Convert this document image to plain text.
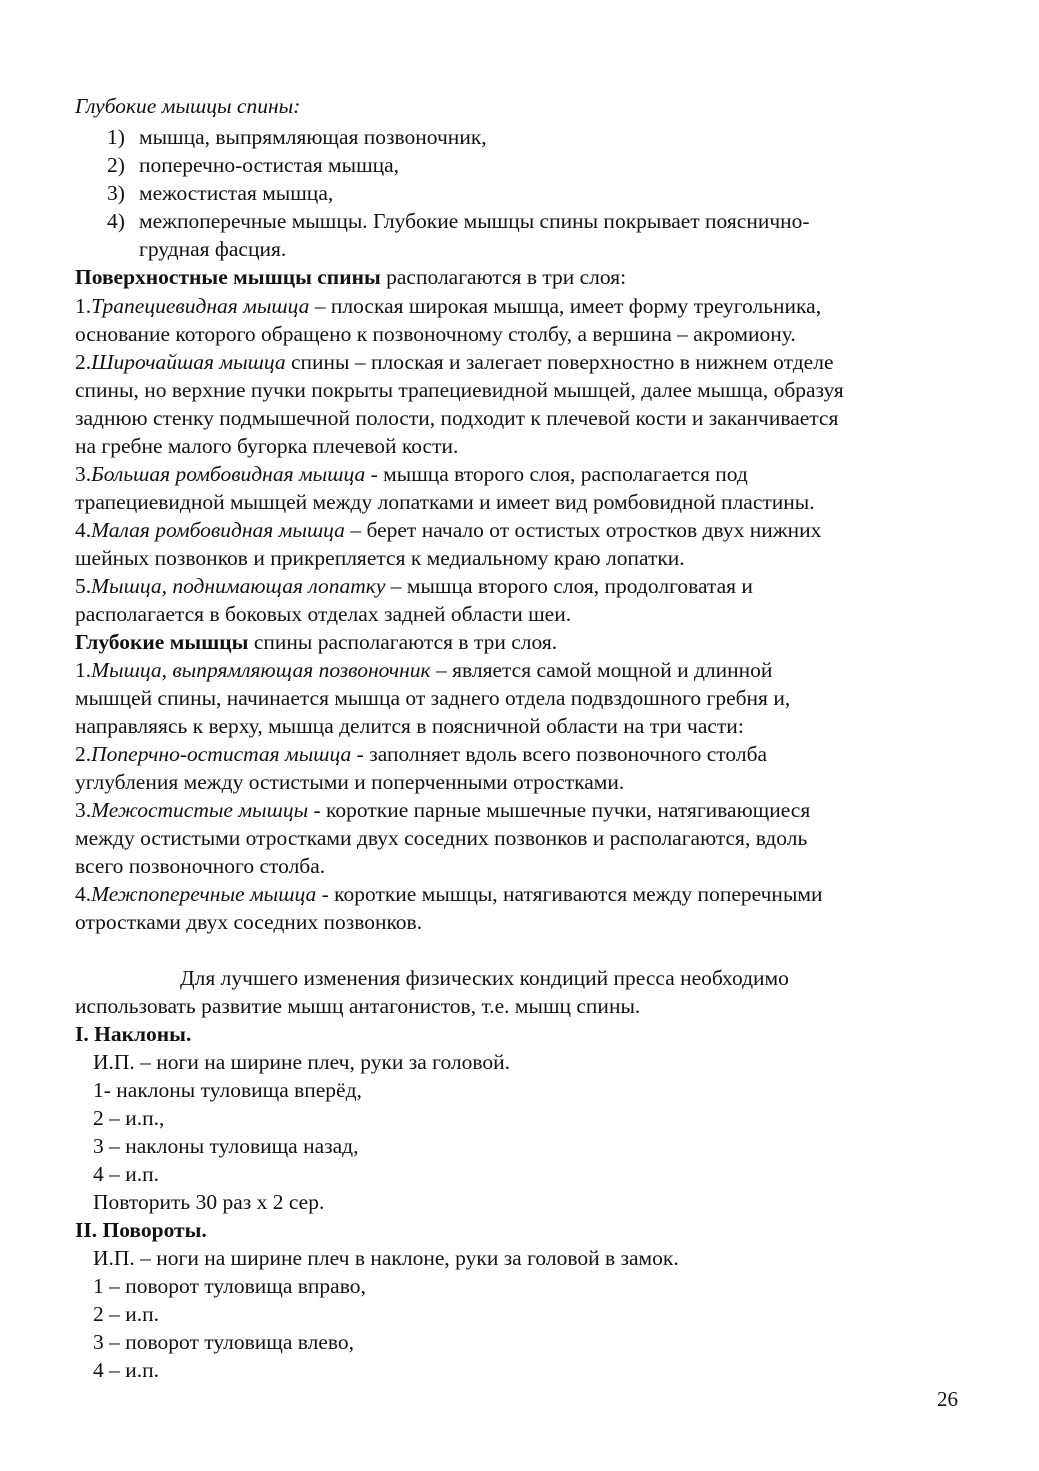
Глубокие мышцы спины:
1) мышца, выпрямляющая позвоночник,
2) поперечно-остистая мышца,
3) межостистая мышца,
4) межпоперечные мышцы. Глубокие мышцы спины покрывает пояснично-
грудная фасция.
Поверхностные мышцы спины располагаются в три слоя:
1.Трапециевидная мышца – плоская широкая мышца, имеет форму треугольника,
основание которого обращено к позвоночному столбу, а вершина – акромиону.
2.Широчайшая мышца спины – плоская и залегает поверхностно в нижнем отделе
спины, но верхние пучки покрыты трапециевидной мышцей, далее мышца, образуя
заднюю стенку подмышечной полости, подходит к плечевой кости и заканчивается
на гребне малого бугорка плечевой кости.
3.Большая ромбовидная мышца - мышца второго слоя, располагается под
трапециевидной мышцей между лопатками и имеет вид ромбовидной пластины.
4.Малая ромбовидная мышца – берет начало от остистых отростков двух нижних
шейных позвонков и прикрепляется к медиальному краю лопатки.
5.Мышца, поднимающая лопатку – мышца второго слоя, продолговатая и
располагается в боковых отделах задней области шеи.
Глубокие мышцы спины располагаются в три слоя.
1.Мышца, выпрямляющая позвоночник – является самой мощной и длинной
мышцей спины, начинается мышца от заднего отдела подвздошного гребня и,
направляясь к верху, мышца делится в поясничной области на три части:
2.Поперчно-остистая мышца - заполняет вдоль всего позвоночного столба
углубления между остистыми и поперченными отростками.
3.Межостистые мышцы - короткие парные мышечные пучки, натягивающиеся
между остистыми отростками двух соседних позвонков и располагаются, вдоль
всего позвоночного столба.
4.Межпоперечные мышца - короткие мышцы, натягиваются между поперечными
отростками двух соседних позвонков.
Для лучшего изменения физических кондиций пресса необходимо
использовать развитие мышц антагонистов, т.е. мышц спины.
I. Наклоны.
И.П. – ноги на ширине плеч, руки за головой.
1- наклоны туловища вперёд,
2 – и.п.,
3 – наклоны туловища назад,
4 – и.п.
Повторить 30 раз х 2 сер.
II. Повороты.
И.П. – ноги на ширине плеч в наклоне, руки за головой в замок.
1 – поворот туловища вправо,
2 – и.п.
3 – поворот туловища влево,
4 – и.п.
26
